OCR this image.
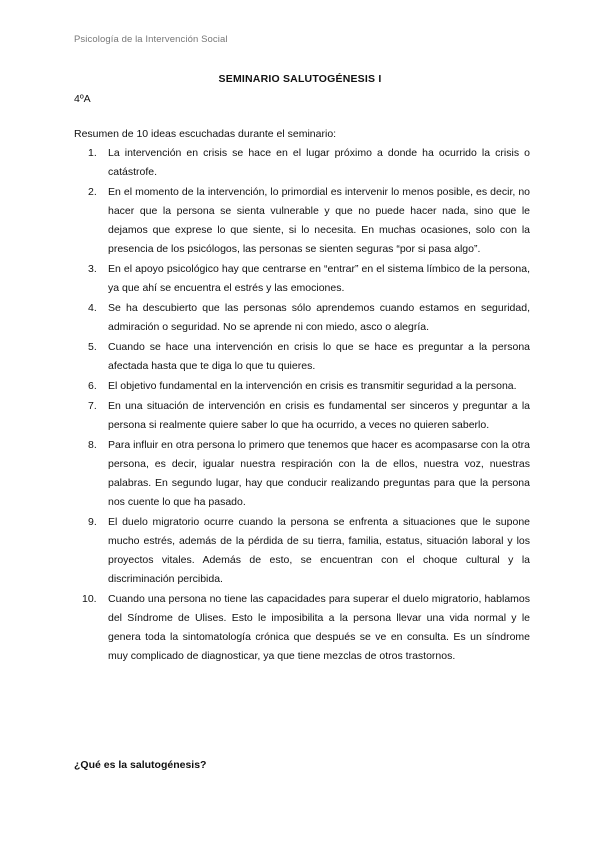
Psicología de la Intervención Social
SEMINARIO SALUTOGÉNESIS I
4ºA
Resumen de 10 ideas escuchadas durante el seminario:
1. La intervención en crisis se hace en el lugar próximo a donde ha ocurrido la crisis o catástrofe.
2. En el momento de la intervención, lo primordial es intervenir lo menos posible, es decir, no hacer que la persona se sienta vulnerable y que no puede hacer nada, sino que le dejamos que exprese lo que siente, si lo necesita. En muchas ocasiones, solo con la presencia de los psicólogos, las personas se sienten seguras “por si pasa algo”.
3. En el apoyo psicológico hay que centrarse en “entrar” en el sistema límbico de la persona, ya que ahí se encuentra el estrés y las emociones.
4. Se ha descubierto que las personas sólo aprendemos cuando estamos en seguridad, admiración o seguridad. No se aprende ni con miedo, asco o alegría.
5. Cuando se hace una intervención en crisis lo que se hace es preguntar a la persona afectada hasta que te diga lo que tu quieres.
6. El objetivo fundamental en la intervención en crisis es transmitir seguridad a la persona.
7. En una situación de intervención en crisis es fundamental ser sinceros y preguntar a la persona si realmente quiere saber lo que ha ocurrido, a veces no quieren saberlo.
8. Para influir en otra persona lo primero que tenemos que hacer es acompasarse con la otra persona, es decir, igualar nuestra respiración con la de ellos, nuestra voz, nuestras palabras. En segundo lugar, hay que conducir realizando preguntas para que la persona nos cuente lo que ha pasado.
9. El duelo migratorio ocurre cuando la persona se enfrenta a situaciones que le supone mucho estrés, además de la pérdida de su tierra, familia, estatus, situación laboral y los proyectos vitales. Además de esto, se encuentran con el choque cultural y la discriminación percibida.
10. Cuando una persona no tiene las capacidades para superar el duelo migratorio, hablamos del Síndrome de Ulises. Esto le imposibilita a la persona llevar una vida normal y le genera toda la sintomatología crónica que después se ve en consulta. Es un síndrome muy complicado de diagnosticar, ya que tiene mezclas de otros trastornos.
¿Qué es la salutogénesis?
